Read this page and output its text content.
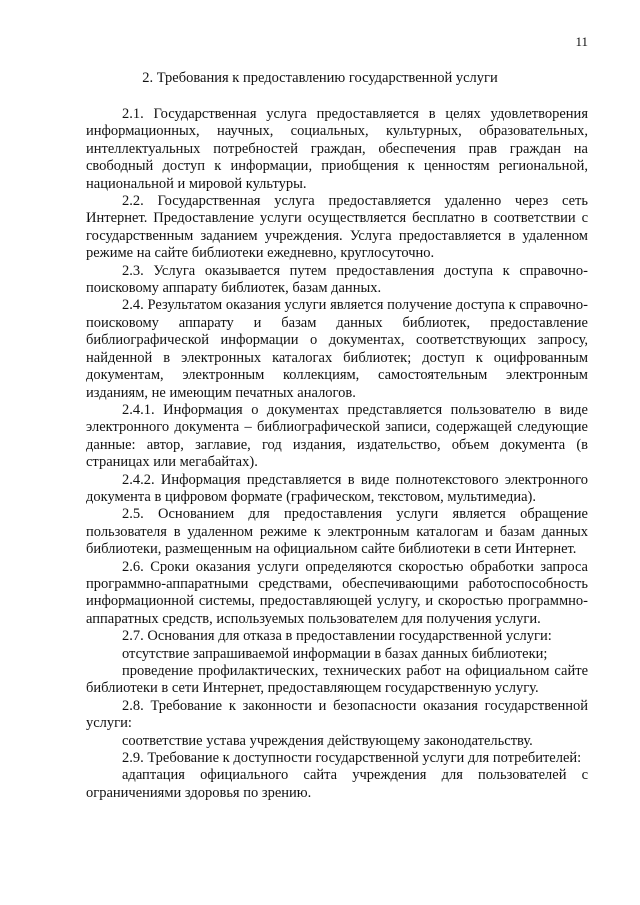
11
2. Требования к предоставлению государственной услуги

2.1. Государственная услуга предоставляется в целях удовлетворения информационных, научных, социальных, культурных, образовательных, интеллектуальных потребностей граждан, обеспечения прав граждан на свободный доступ к информации, приобщения к ценностям региональной, национальной и мировой культуры.

2.2. Государственная услуга предоставляется удаленно через сеть Интернет. Предоставление услуги осуществляется бесплатно в соответствии с государственным заданием учреждения. Услуга предоставляется в удаленном режиме на сайте библиотеки ежедневно, круглосуточно.

2.3. Услуга оказывается путем предоставления доступа к справочно-поисковому аппарату библиотек, базам данных.

2.4. Результатом оказания услуги является получение доступа к справочно-поисковому аппарату и базам данных библиотек, предоставление библиографической информации о документах, соответствующих запросу, найденной в электронных каталогах библиотек; доступ к оцифрованным документам, электронным коллекциям, самостоятельным электронным изданиям, не имеющим печатных аналогов.

2.4.1. Информация о документах представляется пользователю в виде электронного документа – библиографической записи, содержащей следующие данные: автор, заглавие, год издания, издательство, объем документа (в страницах или мегабайтах).

2.4.2. Информация представляется в виде полнотекстового электронного документа в цифровом формате (графическом, текстовом, мультимедиа).

2.5. Основанием для предоставления услуги является обращение пользователя в удаленном режиме к электронным каталогам и базам данных библиотеки, размещенным на официальном сайте библиотеки в сети Интернет.

2.6. Сроки оказания услуги определяются скоростью обработки запроса программно-аппаратными средствами, обеспечивающими работоспособность информационной системы, предоставляющей услугу, и скоростью программно-аппаратных средств, используемых пользователем для получения услуги.

2.7. Основания для отказа в предоставлении государственной услуги:

отсутствие запрашиваемой информации в базах данных библиотеки;

проведение профилактических, технических работ на официальном сайте библиотеки в сети Интернет, предоставляющем государственную услугу.

2.8. Требование к законности и безопасности оказания государственной услуги:

соответствие устава учреждения действующему законодательству.

2.9. Требование к доступности государственной услуги для потребителей:

адаптация официального сайта учреждения для пользователей с ограничениями здоровья по зрению.
